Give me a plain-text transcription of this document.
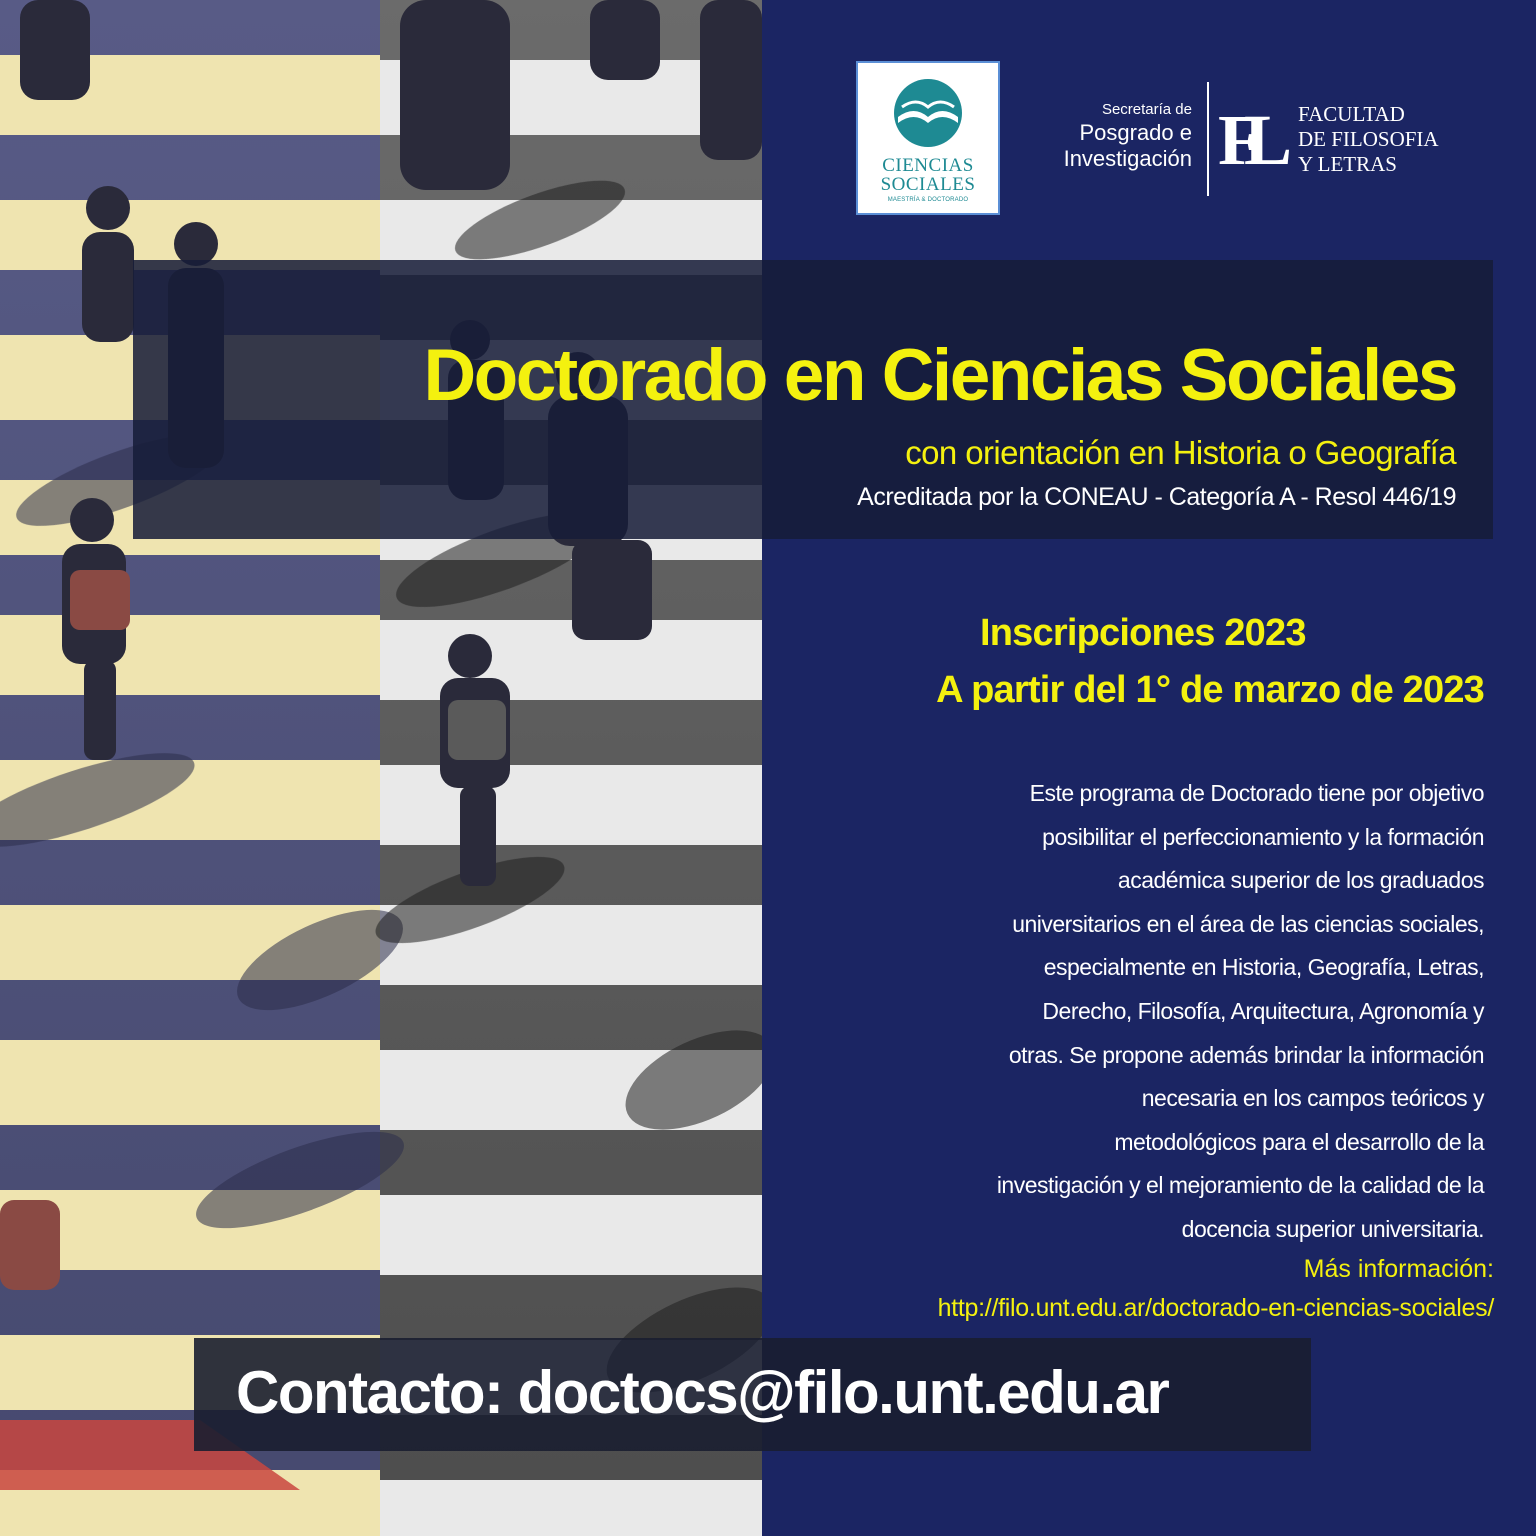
CIENCIAS
SOCIALES
MAESTRÍA & DOCTORADO
Secretaría de
Posgrado e
Investigación FL	FACULTAD
DE FILOSOFIA
Y LETRAS
Doctorado en Ciencias Sociales
con orientación en Historia o Geografía
Acreditada por la CONEAU - Categoría A - Resol 446/19
Inscripciones 2023
A partir del 1° de marzo de 2023
Este programa de Doctorado tiene por objetivo
posibilitar el perfeccionamiento y la formación
académica superior de los graduados
universitarios en el área de las ciencias sociales,
especialmente en Historia, Geografía, Letras,
Derecho, Filosofía, Arquitectura, Agronomía y
otras. Se propone además brindar la información
necesaria en los campos teóricos y
metodológicos para el desarrollo de la
investigación y el mejoramiento de la calidad de la
docencia superior universitaria.
Más información:
http://filo.unt.edu.ar/doctorado-en-ciencias-sociales/
Contacto: doctocs@filo.unt.edu.ar
